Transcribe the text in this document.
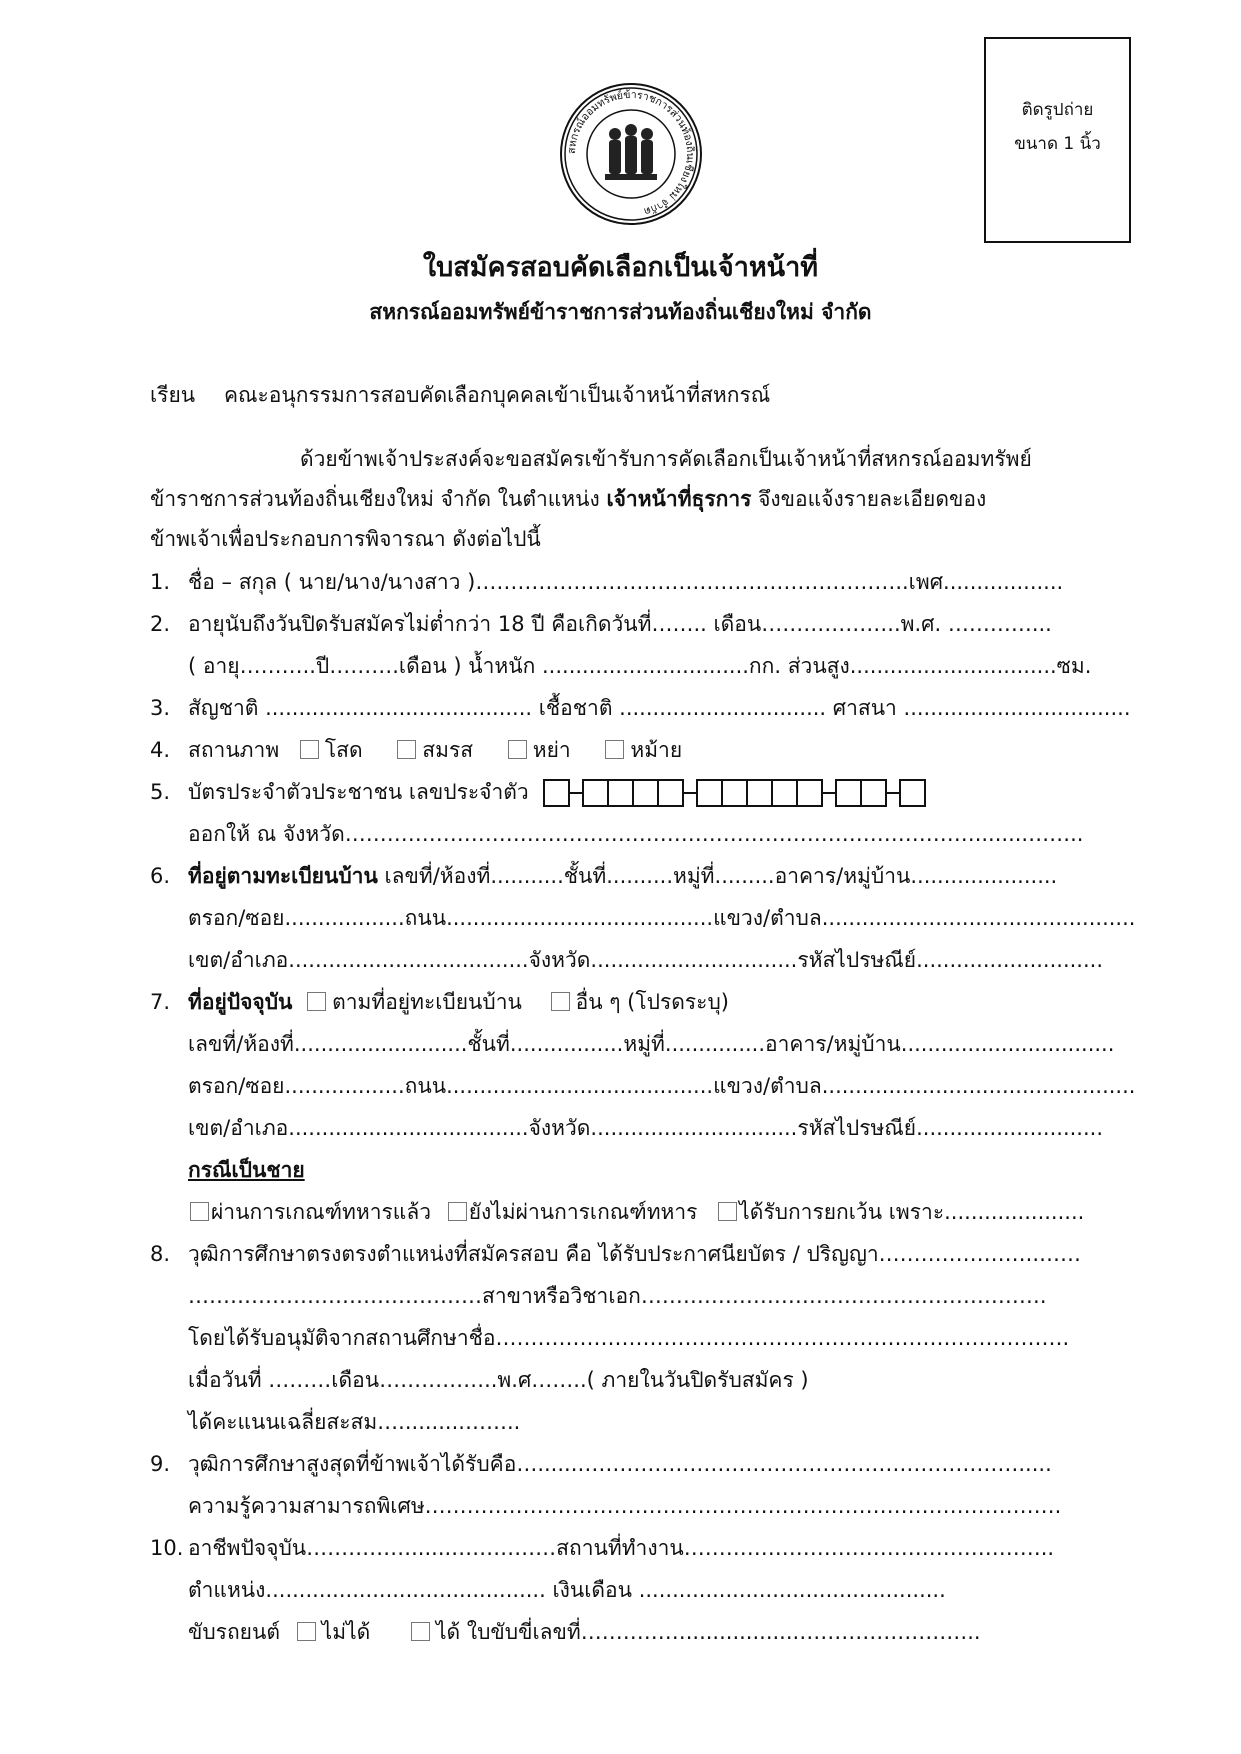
ติดรูปถ่าย
ขนาด 1 นิ้ว
สหกรณ์ออมทรัพย์ข้าราชการส่วนท้องถิ่นเชียงใหม่ จำกัด
ใบสมัครสอบคัดเลือกเป็นเจ้าหน้าที่
สหกรณ์ออมทรัพย์ข้าราชการส่วนท้องถิ่นเชียงใหม่ จำกัด
เรียน คณะอนุกรรมการสอบคัดเลือกบุคคลเข้าเป็นเจ้าหน้าที่สหกรณ์
ด้วยข้าพเจ้าประสงค์จะขอสมัครเข้ารับการคัดเลือกเป็นเจ้าหน้าที่สหกรณ์ออมทรัพย์
ข้าราชการส่วนท้องถิ่นเชียงใหม่ จำกัด ในตำแหน่ง เจ้าหน้าที่ธุรการ จึงขอแจ้งรายละเอียดของ
ข้าพเจ้าเพื่อประกอบการพิจารณา ดังต่อไปนี้
1. ชื่อ – สกุล ( นาย/นาง/นางสาว )……………………………………………………..เพศ..................
2. อายุนับถึงวันปิดรับสมัครไม่ต่ำกว่า 18 ปี คือเกิดวันที่…….. เดือน………………..พ.ศ. …………...
( อายุ………..ปี……….เดือน ) น้ำหนัก ...............................กก. ส่วนสูง...............................ซม.
3. สัญชาติ ........................................ เชื้อชาติ ............................... ศาสนา ..................................
4. สถานภาพ โสด	สมรส	หย่า	หม้าย
5. บัตรประจำตัวประชาชน เลขประจำตัว
ออกให้ ณ จังหวัด………………………………………………………………………………........……..
6. ที่อยู่ตามทะเบียนบ้าน เลขที่/ห้องที่...........ชั้นที่..........หมู่ที่.........อาคาร/หมู่บ้าน......................
ตรอก/ซอย..................ถนน........................................แขวง/ตำบล...............................................
เขต/อำเภอ....................................จังหวัด...............................รหัสไปรษณีย์............................
7. ที่อยู่ปัจจุบัน ตามที่อยู่ทะเบียนบ้าน	อื่น ๆ (โปรดระบุ)
เลขที่/ห้องที่..........................ชั้นที่.................หมู่ที่...............อาคาร/หมู่บ้าน................................
ตรอก/ซอย..................ถนน........................................แขวง/ตำบล...............................................
เขต/อำเภอ....................................จังหวัด...............................รหัสไปรษณีย์............................
กรณีเป็นชาย
ผ่านการเกณฑ์ทหารแล้ว ยังไม่ผ่านการเกณฑ์ทหาร ได้รับการยกเว้น เพราะ.....................
8. วุฒิการศึกษาตรงตรงตำแหน่งที่สมัครสอบ คือ ได้รับประกาศนียบัตร / ปริญญา…………………..……
……………………………………สาขาหรือวิชาเอก………………………………………………….
โดยได้รับอนุมัติจากสถานศึกษาชื่อ……………………………………………………………………….
เมื่อวันที่ ………เดือน……………..พ.ศ……..( ภายในวันปิดรับสมัคร )
ได้คะแนนเฉลี่ยสะสม…..........……..
9. วุฒิการศึกษาสูงสุดที่ข้าพเจ้าได้รับคือ…......……………………………………………………….....
ความรู้ความสามารถพิเศษ……………………………………………………………………………….
10. อาชีพปัจจุบัน……………......……………สถานที่ทำงาน……………………………………………..
ตำแหน่ง.......................................... เงินเดือน ..............................................
ขับรถยนต์ ไม่ได้	ได้ ใบขับขี่เลขที่…………….................……………………..
